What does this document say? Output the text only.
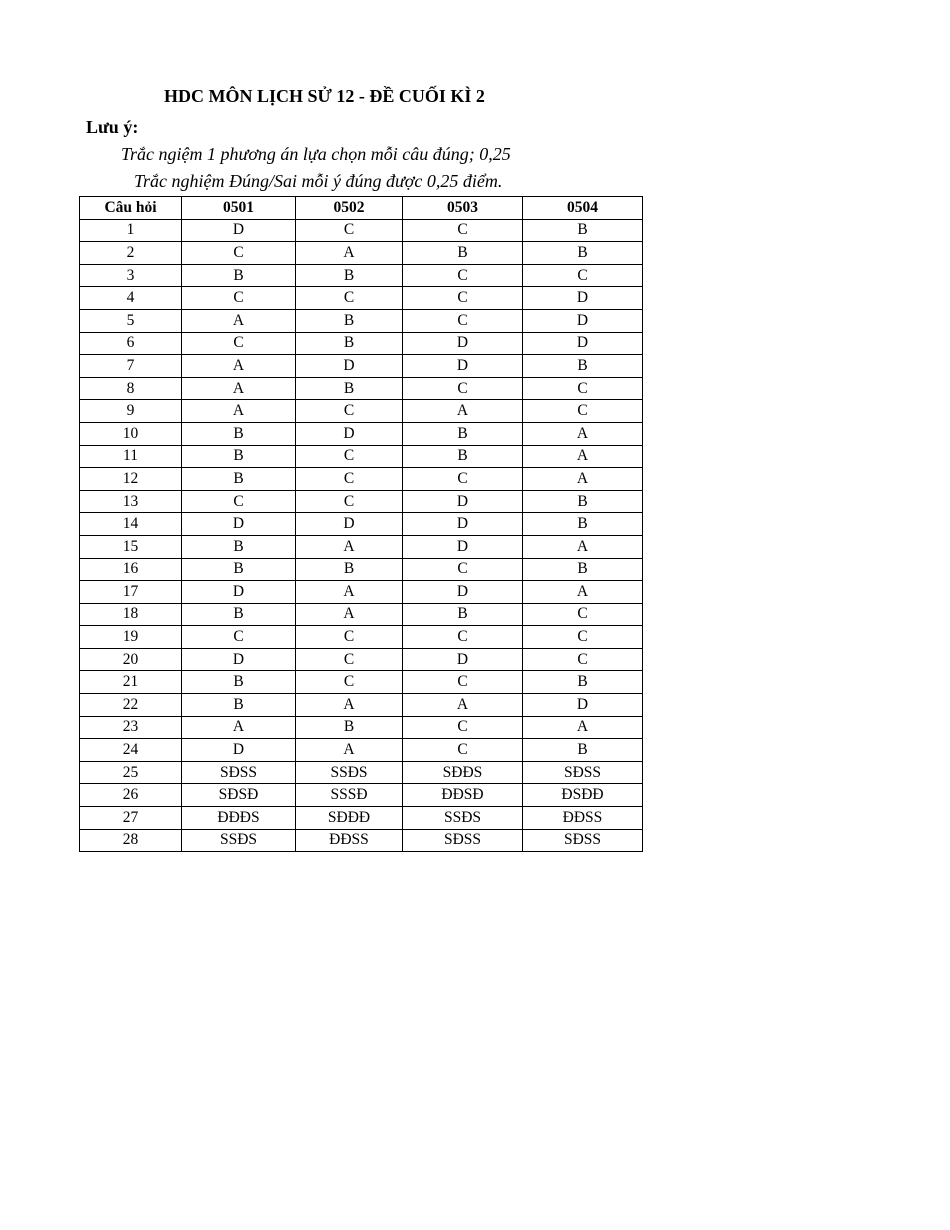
HDC MÔN LỊCH SỬ 12 - ĐỀ CUỐI KÌ 2
Lưu ý:
Trắc ngiệm 1 phương án lựa chọn mỗi câu đúng; 0,25
Trắc nghiệm Đúng/Sai mỗi ý đúng được 0,25 điểm.
Câu hỏi	0501	0502	0503	0504
1	D	C	C	B
2	C	A	B	B
3	B	B	C	C
4	C	C	C	D
5	A	B	C	D
6	C	B	D	D
7	A	D	D	B
8	A	B	C	C
9	A	C	A	C
10	B	D	B	A
11	B	C	B	A
12	B	C	C	A
13	C	C	D	B
14	D	D	D	B
15	B	A	D	A
16	B	B	C	B
17	D	A	D	A
18	B	A	B	C
19	C	C	C	C
20	D	C	D	C
21	B	C	C	B
22	B	A	A	D
23	A	B	C	A
24	D	A	C	B
25	SĐSS	SSĐS	SĐĐS	SĐSS
26	SĐSĐ	SSSĐ	ĐĐSĐ	ĐSĐĐ
27	ĐĐĐS	SĐĐĐ	SSĐS	ĐĐSS
28	SSĐS	ĐĐSS	SĐSS	SĐSS
